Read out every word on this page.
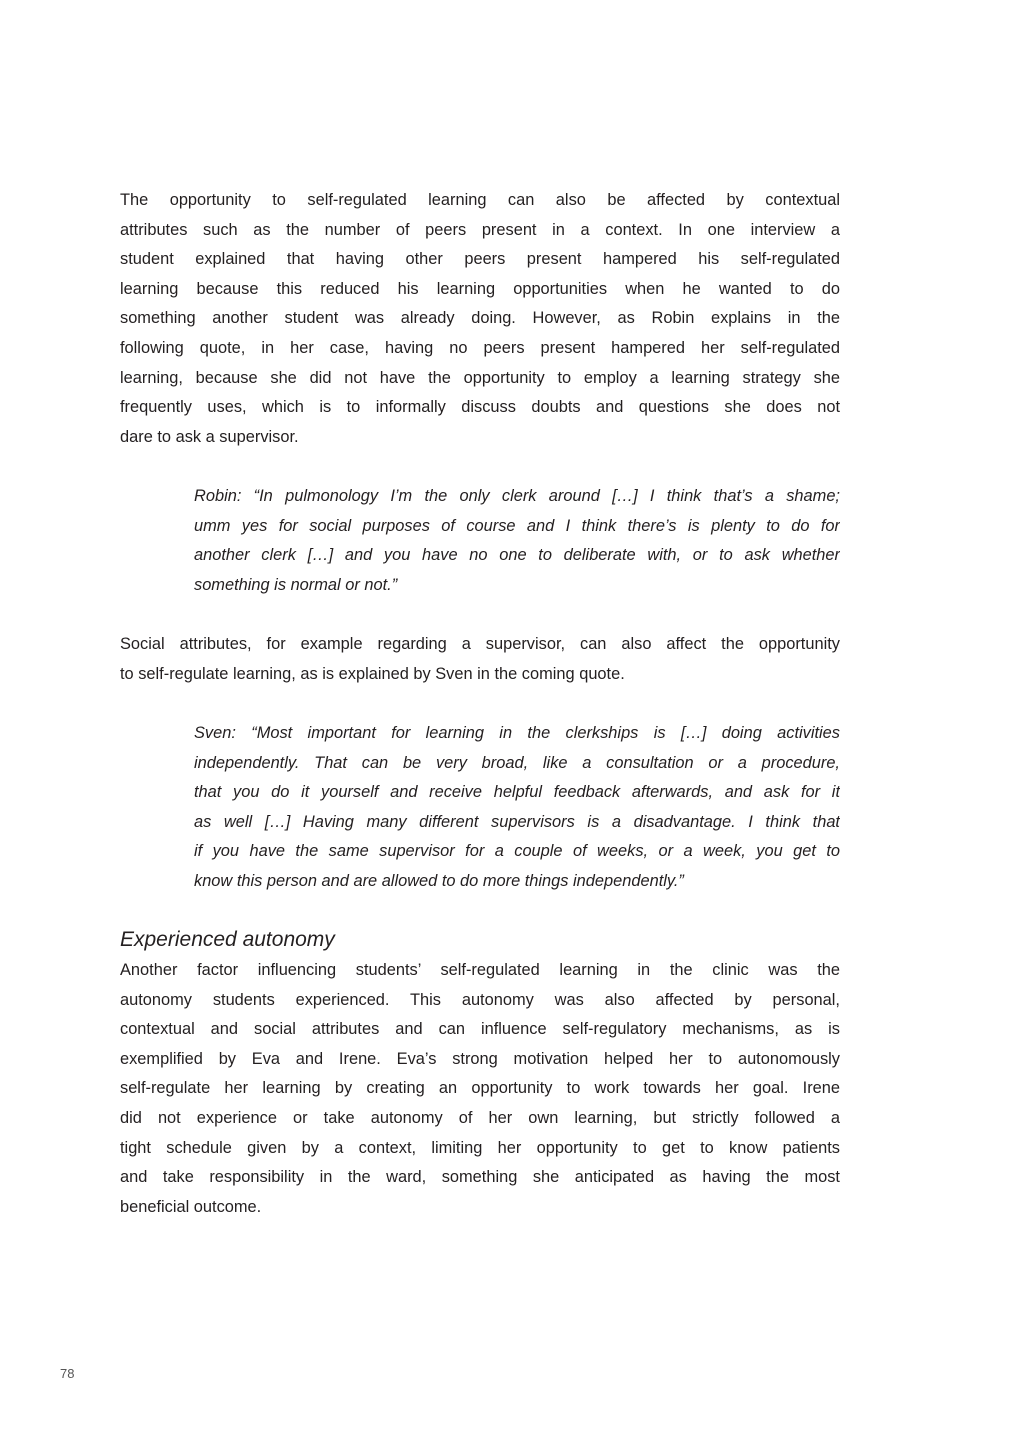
The opportunity to self-regulated learning can also be affected by contextual
attributes such as the number of peers present in a context. In one interview a
student explained that having other peers present hampered his self-regulated
learning because this reduced his learning opportunities when he wanted to do
something another student was already doing. However, as Robin explains in the
following quote, in her case, having no peers present hampered her self-regulated
learning, because she did not have the opportunity to employ a learning strategy she
frequently uses, which is to informally discuss doubts and questions she does not
dare to ask a supervisor.
Robin: “In pulmonology I’m the only clerk around […] I think that’s a shame;
umm yes for social purposes of course and I think there’s is plenty to do for
another clerk […] and you have no one to deliberate with, or to ask whether
something is normal or not.”
Social attributes, for example regarding a supervisor, can also affect the opportunity
to self-regulate learning, as is explained by Sven in the coming quote.
Sven: “Most important for learning in the clerkships is […] doing activities
independently. That can be very broad, like a consultation or a procedure,
that you do it yourself and receive helpful feedback afterwards, and ask for it
as well […] Having many different supervisors is a disadvantage. I think that
if you have the same supervisor for a couple of weeks, or a week, you get to
know this person and are allowed to do more things independently.”
Experienced autonomy
Another factor influencing students’ self-regulated learning in the clinic was the
autonomy students experienced. This autonomy was also affected by personal,
contextual and social attributes and can influence self-regulatory mechanisms, as is
exemplified by Eva and Irene. Eva’s strong motivation helped her to autonomously
self-regulate her learning by creating an opportunity to work towards her goal. Irene
did not experience or take autonomy of her own learning, but strictly followed a
tight schedule given by a context, limiting her opportunity to get to know patients
and take responsibility in the ward, something she anticipated as having the most
beneficial outcome.
78
